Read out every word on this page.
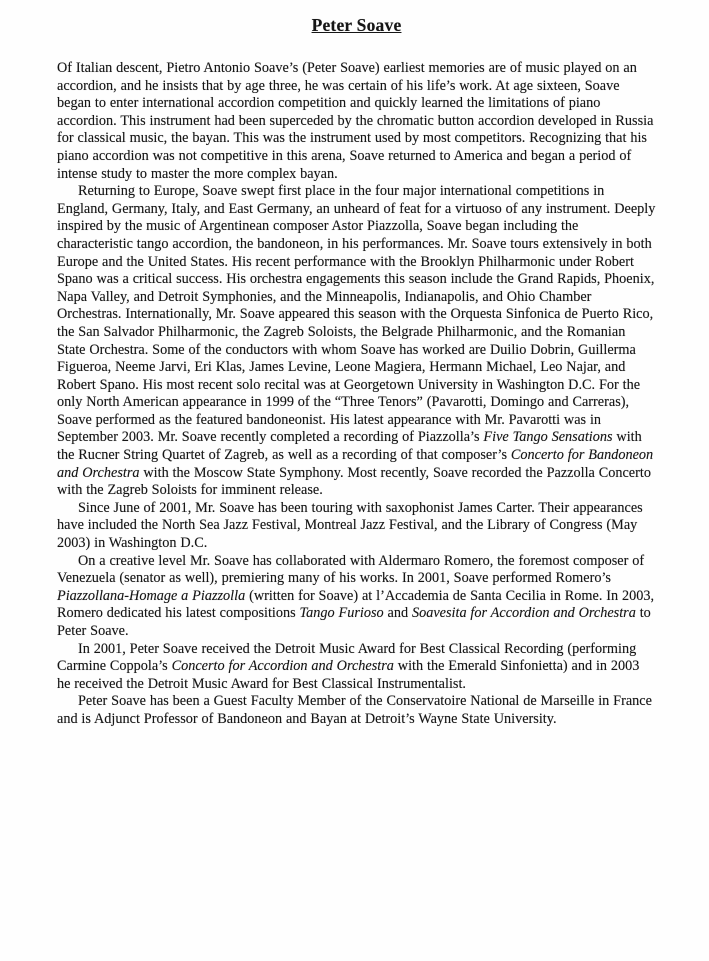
Peter Soave

Of Italian descent, Pietro Antonio Soave’s (Peter Soave) earliest memories are of music played on an accordion, and he insists that by age three, he was certain of his life’s work. At age sixteen, Soave began to enter international accordion competition and quickly learned the limitations of piano accordion. This instrument had been superceded by the chromatic button accordion developed in Russia for classical music, the bayan. This was the instrument used by most competitors. Recognizing that his piano accordion was not competitive in this arena, Soave returned to America and began a period of intense study to master the more complex bayan.

Returning to Europe, Soave swept first place in the four major international competitions in England, Germany, Italy, and East Germany, an unheard of feat for a virtuoso of any instrument. Deeply inspired by the music of Argentinean composer Astor Piazzolla, Soave began including the characteristic tango accordion, the bandoneon, in his performances. Mr. Soave tours extensively in both Europe and the United States. His recent performance with the Brooklyn Philharmonic under Robert Spano was a critical success. His orchestra engagements this season include the Grand Rapids, Phoenix, Napa Valley, and Detroit Symphonies, and the Minneapolis, Indianapolis, and Ohio Chamber Orchestras. Internationally, Mr. Soave appeared this season with the Orquesta Sinfonica de Puerto Rico, the San Salvador Philharmonic, the Zagreb Soloists, the Belgrade Philharmonic, and the Romanian State Orchestra. Some of the conductors with whom Soave has worked are Duilio Dobrin, Guillerma Figueroa, Neeme Jarvi, Eri Klas, James Levine, Leone Magiera, Hermann Michael, Leo Najar, and Robert Spano. His most recent solo recital was at Georgetown University in Washington D.C. For the only North American appearance in 1999 of the “Three Tenors” (Pavarotti, Domingo and Carreras), Soave performed as the featured bandoneonist. His latest appearance with Mr. Pavarotti was in September 2003. Mr. Soave recently completed a recording of Piazzolla’s Five Tango Sensations with the Rucner String Quartet of Zagreb, as well as a recording of that composer’s Concerto for Bandoneon and Orchestra with the Moscow State Symphony. Most recently, Soave recorded the Pazzolla Concerto with the Zagreb Soloists for imminent release.

Since June of 2001, Mr. Soave has been touring with saxophonist James Carter. Their appearances have included the North Sea Jazz Festival, Montreal Jazz Festival, and the Library of Congress (May 2003) in Washington D.C.

On a creative level Mr. Soave has collaborated with Aldermaro Romero, the foremost composer of Venezuela (senator as well), premiering many of his works. In 2001, Soave performed Romero’s Piazzollana-Homage a Piazzolla (written for Soave) at l’Accademia de Santa Cecilia in Rome. In 2003, Romero dedicated his latest compositions Tango Furioso and Soavesita for Accordion and Orchestra to Peter Soave.

In 2001, Peter Soave received the Detroit Music Award for Best Classical Recording (performing Carmine Coppola’s Concerto for Accordion and Orchestra with the Emerald Sinfonietta) and in 2003 he received the Detroit Music Award for Best Classical Instrumentalist.

Peter Soave has been a Guest Faculty Member of the Conservatoire National de Marseille in France and is Adjunct Professor of Bandoneon and Bayan at Detroit’s Wayne State University.
